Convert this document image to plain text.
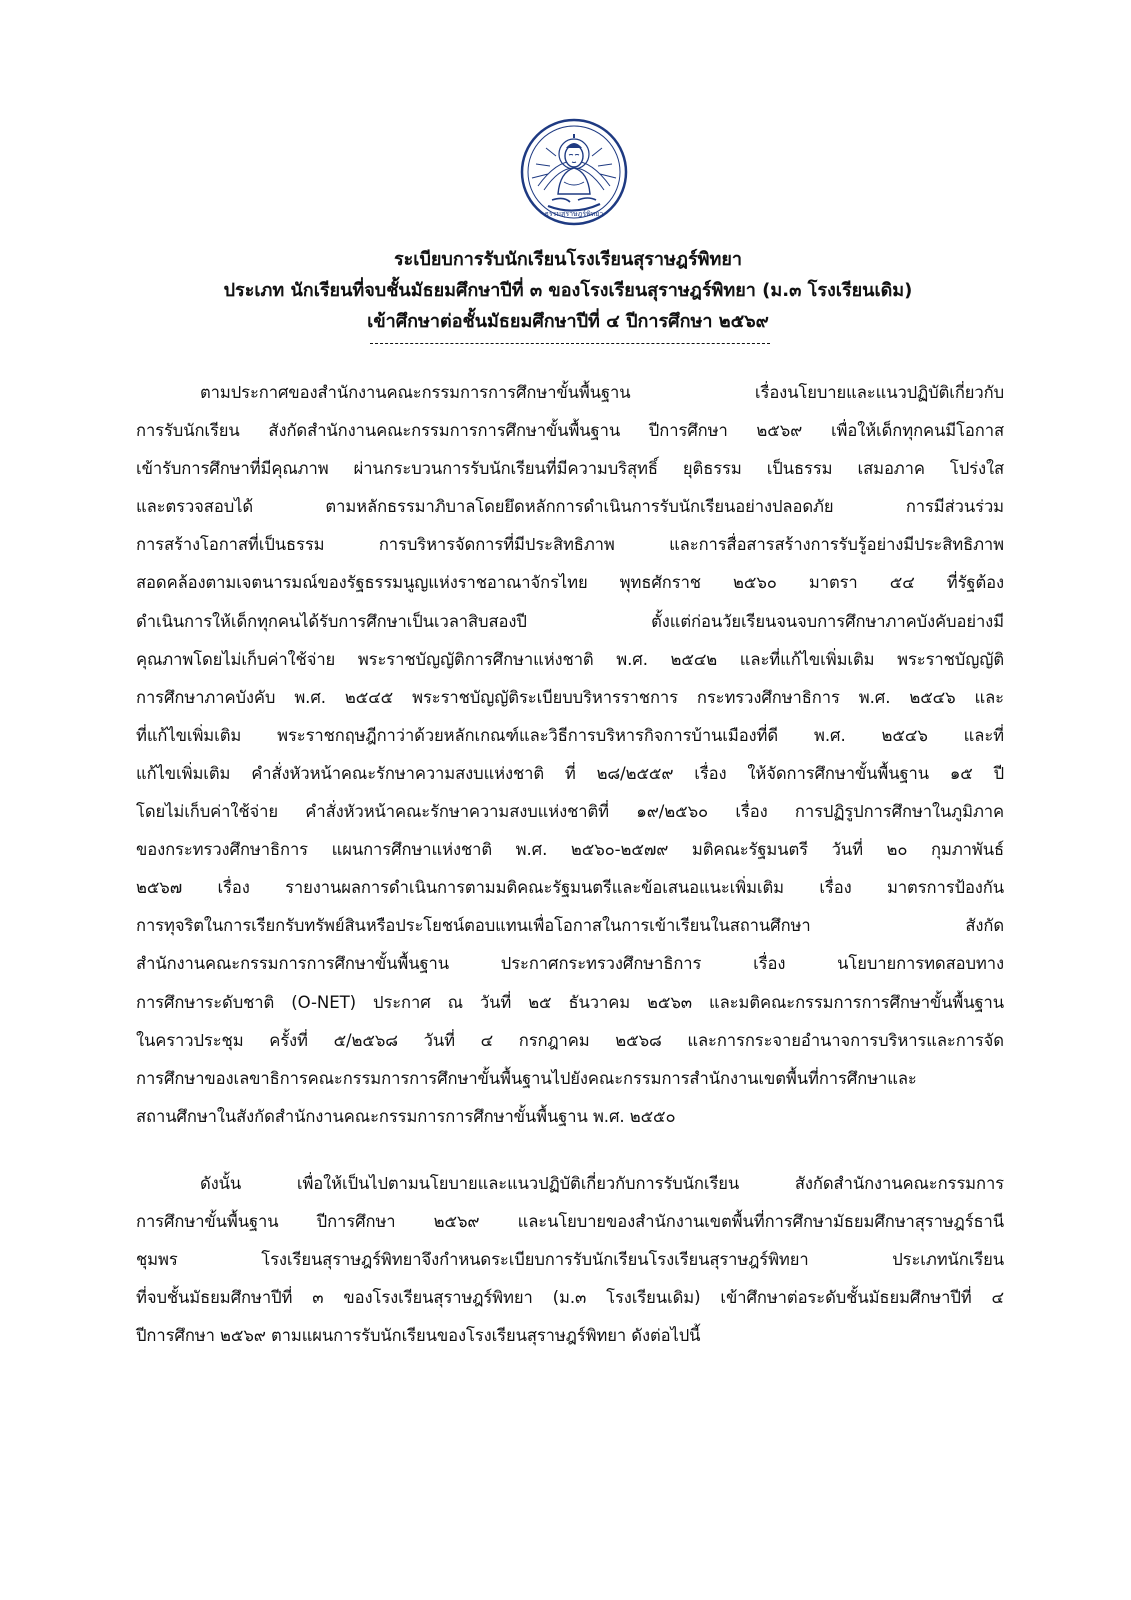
ธรรมสุราษฎร์พิทยา
ระเบียบการรับนักเรียนโรงเรียนสุราษฎร์พิทยา
ประเภท นักเรียนที่จบชั้นมัธยมศึกษาปีที่ ๓ ของโรงเรียนสุราษฎร์พิทยา (ม.๓ โรงเรียนเดิม)
เข้าศึกษาต่อชั้นมัธยมศึกษาปีที่ ๔ ปีการศึกษา ๒๕๖๙
ตามประกาศของสำนักงานคณะกรรมการการศึกษาขั้นพื้นฐาน เรื่องนโยบายและแนวปฏิบัติเกี่ยวกับ
การรับนักเรียน สังกัดสำนักงานคณะกรรมการการศึกษาขั้นพื้นฐาน ปีการศึกษา ๒๕๖๙ เพื่อให้เด็กทุกคนมีโอกาส
เข้ารับการศึกษาที่มีคุณภาพ ผ่านกระบวนการรับนักเรียนที่มีความบริสุทธิ์ ยุติธรรม เป็นธรรม เสมอภาค โปร่งใส
และตรวจสอบได้ ตามหลักธรรมาภิบาลโดยยึดหลักการดำเนินการรับนักเรียนอย่างปลอดภัย การมีส่วนร่วม
การสร้างโอกาสที่เป็นธรรม การบริหารจัดการที่มีประสิทธิภาพ และการสื่อสารสร้างการรับรู้อย่างมีประสิทธิภาพ
สอดคล้องตามเจตนารมณ์ของรัฐธรรมนูญแห่งราชอาณาจักรไทย พุทธศักราช ๒๕๖๐ มาตรา ๕๔ ที่รัฐต้อง
ดำเนินการให้เด็กทุกคนได้รับการศึกษาเป็นเวลาสิบสองปี ตั้งแต่ก่อนวัยเรียนจนจบการศึกษาภาคบังคับอย่างมี
คุณภาพโดยไม่เก็บค่าใช้จ่าย พระราชบัญญัติการศึกษาแห่งชาติ พ.ศ. ๒๕๔๒ และที่แก้ไขเพิ่มเติม พระราชบัญญัติ
การศึกษาภาคบังคับ พ.ศ. ๒๕๔๕ พระราชบัญญัติระเบียบบริหารราชการ กระทรวงศึกษาธิการ พ.ศ. ๒๕๔๖ และ
ที่แก้ไขเพิ่มเติม พระราชกฤษฎีกาว่าด้วยหลักเกณฑ์และวิธีการบริหารกิจการบ้านเมืองที่ดี พ.ศ. ๒๕๔๖ และที่
แก้ไขเพิ่มเติม คำสั่งหัวหน้าคณะรักษาความสงบแห่งชาติ ที่ ๒๘/๒๕๕๙ เรื่อง ให้จัดการศึกษาขั้นพื้นฐาน ๑๕ ปี
โดยไม่เก็บค่าใช้จ่าย คำสั่งหัวหน้าคณะรักษาความสงบแห่งชาติที่ ๑๙/๒๕๖๐ เรื่อง การปฏิรูปการศึกษาในภูมิภาค
ของกระทรวงศึกษาธิการ แผนการศึกษาแห่งชาติ พ.ศ. ๒๕๖๐-๒๕๗๙ มติคณะรัฐมนตรี วันที่ ๒๐ กุมภาพันธ์
๒๕๖๗ เรื่อง รายงานผลการดำเนินการตามมติคณะรัฐมนตรีและข้อเสนอแนะเพิ่มเติม เรื่อง มาตรการป้องกัน
การทุจริตในการเรียกรับทรัพย์สินหรือประโยชน์ตอบแทนเพื่อโอกาสในการเข้าเรียนในสถานศึกษา สังกัด
สำนักงานคณะกรรมการการศึกษาขั้นพื้นฐาน ประกาศกระทรวงศึกษาธิการ เรื่อง นโยบายการทดสอบทาง
การศึกษาระดับชาติ (O-NET) ประกาศ ณ วันที่ ๒๕ ธันวาคม ๒๕๖๓ และมติคณะกรรมการการศึกษาขั้นพื้นฐาน
ในคราวประชุม ครั้งที่ ๕/๒๕๖๘ วันที่ ๔ กรกฎาคม ๒๕๖๘ และการกระจายอำนาจการบริหารและการจัด
การศึกษาของเลขาธิการคณะกรรมการการศึกษาขั้นพื้นฐานไปยังคณะกรรมการสำนักงานเขตพื้นที่การศึกษาและ
สถานศึกษาในสังกัดสำนักงานคณะกรรมการการศึกษาขั้นพื้นฐาน พ.ศ. ๒๕๕๐
ดังนั้น เพื่อให้เป็นไปตามนโยบายและแนวปฏิบัติเกี่ยวกับการรับนักเรียน สังกัดสำนักงานคณะกรรมการ
การศึกษาขั้นพื้นฐาน ปีการศึกษา ๒๕๖๙ และนโยบายของสำนักงานเขตพื้นที่การศึกษามัธยมศึกษาสุราษฎร์ธานี
ชุมพร โรงเรียนสุราษฎร์พิทยาจึงกำหนดระเบียบการรับนักเรียนโรงเรียนสุราษฎร์พิทยา ประเภทนักเรียน
ที่จบชั้นมัธยมศึกษาปีที่ ๓ ของโรงเรียนสุราษฎร์พิทยา (ม.๓ โรงเรียนเดิม) เข้าศึกษาต่อระดับชั้นมัธยมศึกษาปีที่ ๔
ปีการศึกษา ๒๕๖๙ ตามแผนการรับนักเรียนของโรงเรียนสุราษฎร์พิทยา ดังต่อไปนี้
